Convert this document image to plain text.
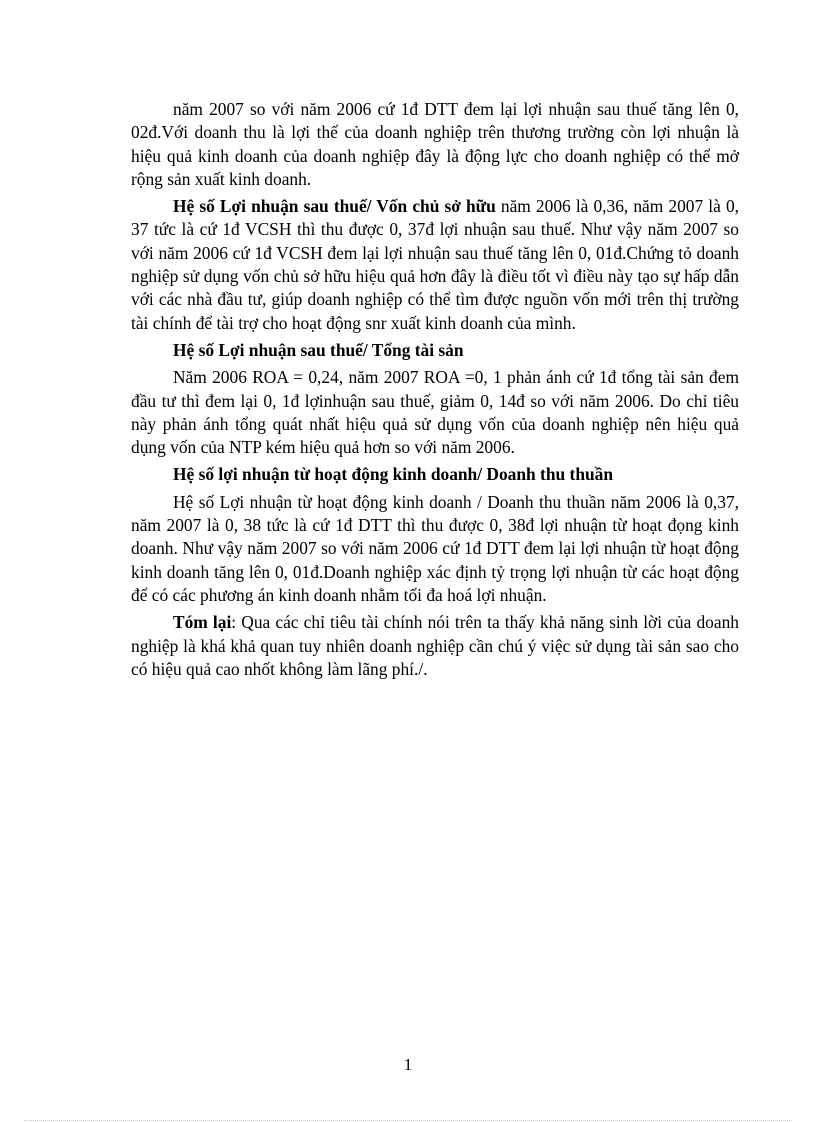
năm 2007 so với năm 2006 cứ 1đ DTT đem lại lợi nhuận sau thuế tăng lên 0, 02đ.Với doanh thu là lợi thế của doanh nghiệp trên thương trường còn lợi nhuận là hiệu quả kinh doanh của doanh nghiệp đây là động lực cho doanh nghiệp có thể mở rộng sản xuất kinh doanh.

Hệ số Lợi nhuận sau thuế/ Vốn chủ sở hữu năm 2006 là 0,36, năm 2007 là 0, 37 tức là cứ 1đ VCSH thì thu được 0, 37đ lợi nhuận sau thuế. Như vậy năm 2007 so với năm 2006 cứ 1đ VCSH đem lại lợi nhuận sau thuế tăng lên 0, 01đ.Chứng tỏ doanh nghiệp sử dụng vốn chủ sở hữu hiệu quả hơn đây là điều tốt vì điều này tạo sự hấp dẫn với các nhà đầu tư, giúp doanh nghiệp có thể tìm được nguồn vốn mới trên thị trường tài chính để tài trợ cho hoạt động snr xuất kinh doanh của mình.

Hệ số Lợi nhuận sau thuế/ Tổng tài sản

Năm 2006 ROA = 0,24, năm 2007 ROA =0, 1 phản ánh cứ 1đ tổng tài sản đem đầu tư thì đem lại 0, 1đ lợinhuận sau thuế, giảm 0, 14đ so với năm 2006. Do chỉ tiêu này phản ánh tổng quát nhất hiệu quả sử dụng vốn của doanh nghiệp nên hiệu quả dụng vốn của NTP kém hiệu quả hơn so với năm 2006.

Hệ số lợi nhuận từ hoạt động kinh doanh/ Doanh thu thuần

Hệ số Lợi nhuận từ hoạt động kinh doanh / Doanh thu thuần năm 2006 là 0,37, năm 2007 là 0, 38 tức là cứ 1đ DTT thì thu được 0, 38đ lợi nhuận từ hoạt đọng kinh doanh. Như vậy năm 2007 so với năm 2006 cứ 1đ DTT đem lại lợi nhuận từ hoạt động kinh doanh tăng lên 0, 01đ.Doanh nghiệp xác định tỷ trọng lợi nhuận từ các hoạt động để có các phương án kinh doanh nhằm tối đa hoá lợi nhuận.

Tóm lại: Qua các chỉ tiêu tài chính nói trên ta thấy khả năng sinh lời của doanh nghiệp là khá khả quan tuy nhiên doanh nghiệp cần chú ý việc sử dụng tài sản sao cho có hiệu quả cao nhốt không làm lãng phí./.

1
